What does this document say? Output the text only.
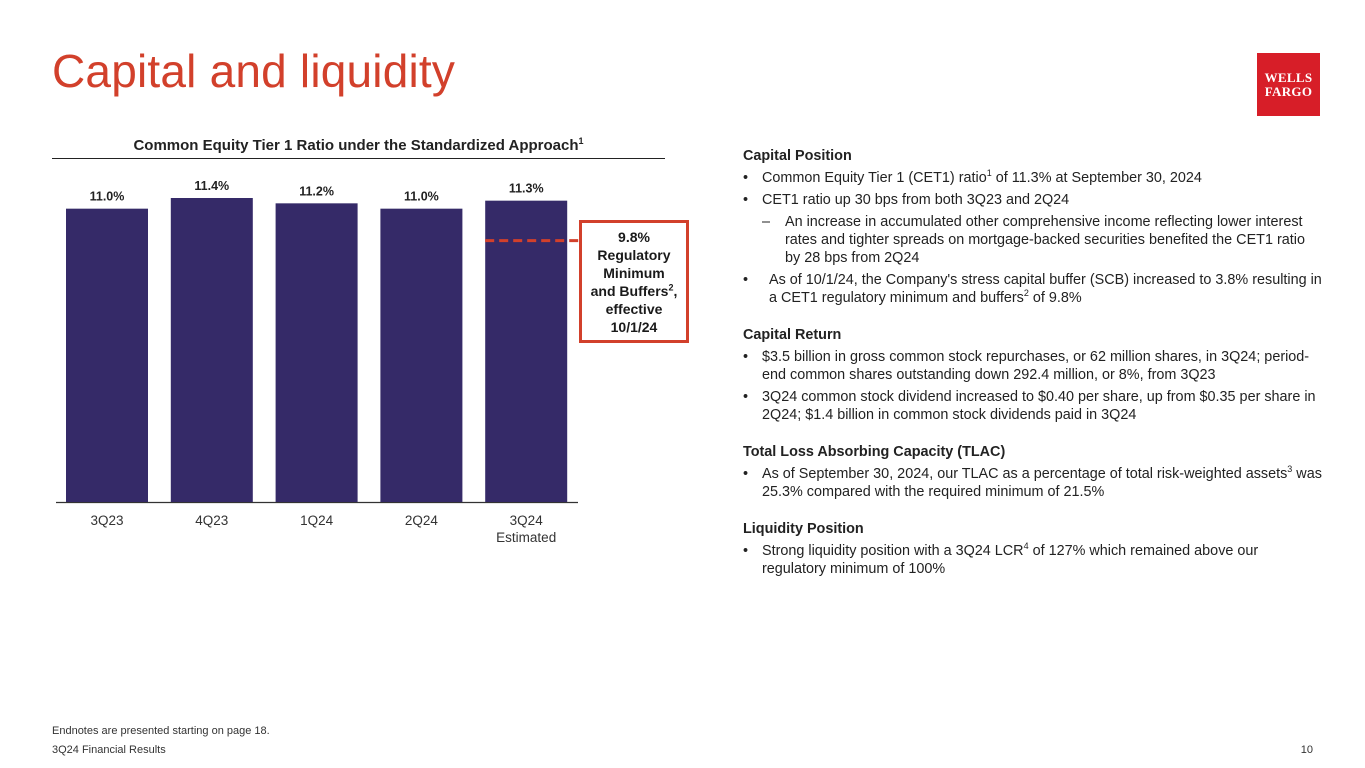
Capital and liquidity	WELLS
FARGO
Common Equity Tier 1 Ratio under the Standardized Approach$^1$
11.0%
3Q23
11.4%
4Q23
11.2%
1Q24
11.0%
2Q24
11.3%
3Q24
Estimated
9.8%
Regulatory
Minimum
and Buffers$^2$,
effective
10/1/24
Capital Position
• Common Equity Tier 1 (CET1) ratio$^1$ of 11.3% at September 30, 2024
• CET1 ratio up 30 bps from both 3Q23 and 2Q24
– An increase in accumulated other comprehensive income reflecting lower interest rates and tighter spreads on mortgage-backed securities benefited the CET1 ratio by 28 bps from 2Q24
• As of 10/1/24, the Company's stress capital buffer (SCB) increased to 3.8% resulting in a CET1 regulatory minimum and buffers$^2$ of 9.8%
Capital Return
• $3.5 billion in gross common stock repurchases, or 62 million shares, in 3Q24; period-end common shares outstanding down 292.4 million, or 8%, from 3Q23
• 3Q24 common stock dividend increased to $0.40 per share, up from $0.35 per share in 2Q24; $1.4 billion in common stock dividends paid in 3Q24
Total Loss Absorbing Capacity (TLAC)
• As of September 30, 2024, our TLAC as a percentage of total risk-weighted assets$^3$ was 25.3% compared with the required minimum of 21.5%
Liquidity Position
• Strong liquidity position with a 3Q24 LCR$^4$ of 127% which remained above our regulatory minimum of 100%
Endnotes are presented starting on page 18.
3Q24 Financial Results	10
